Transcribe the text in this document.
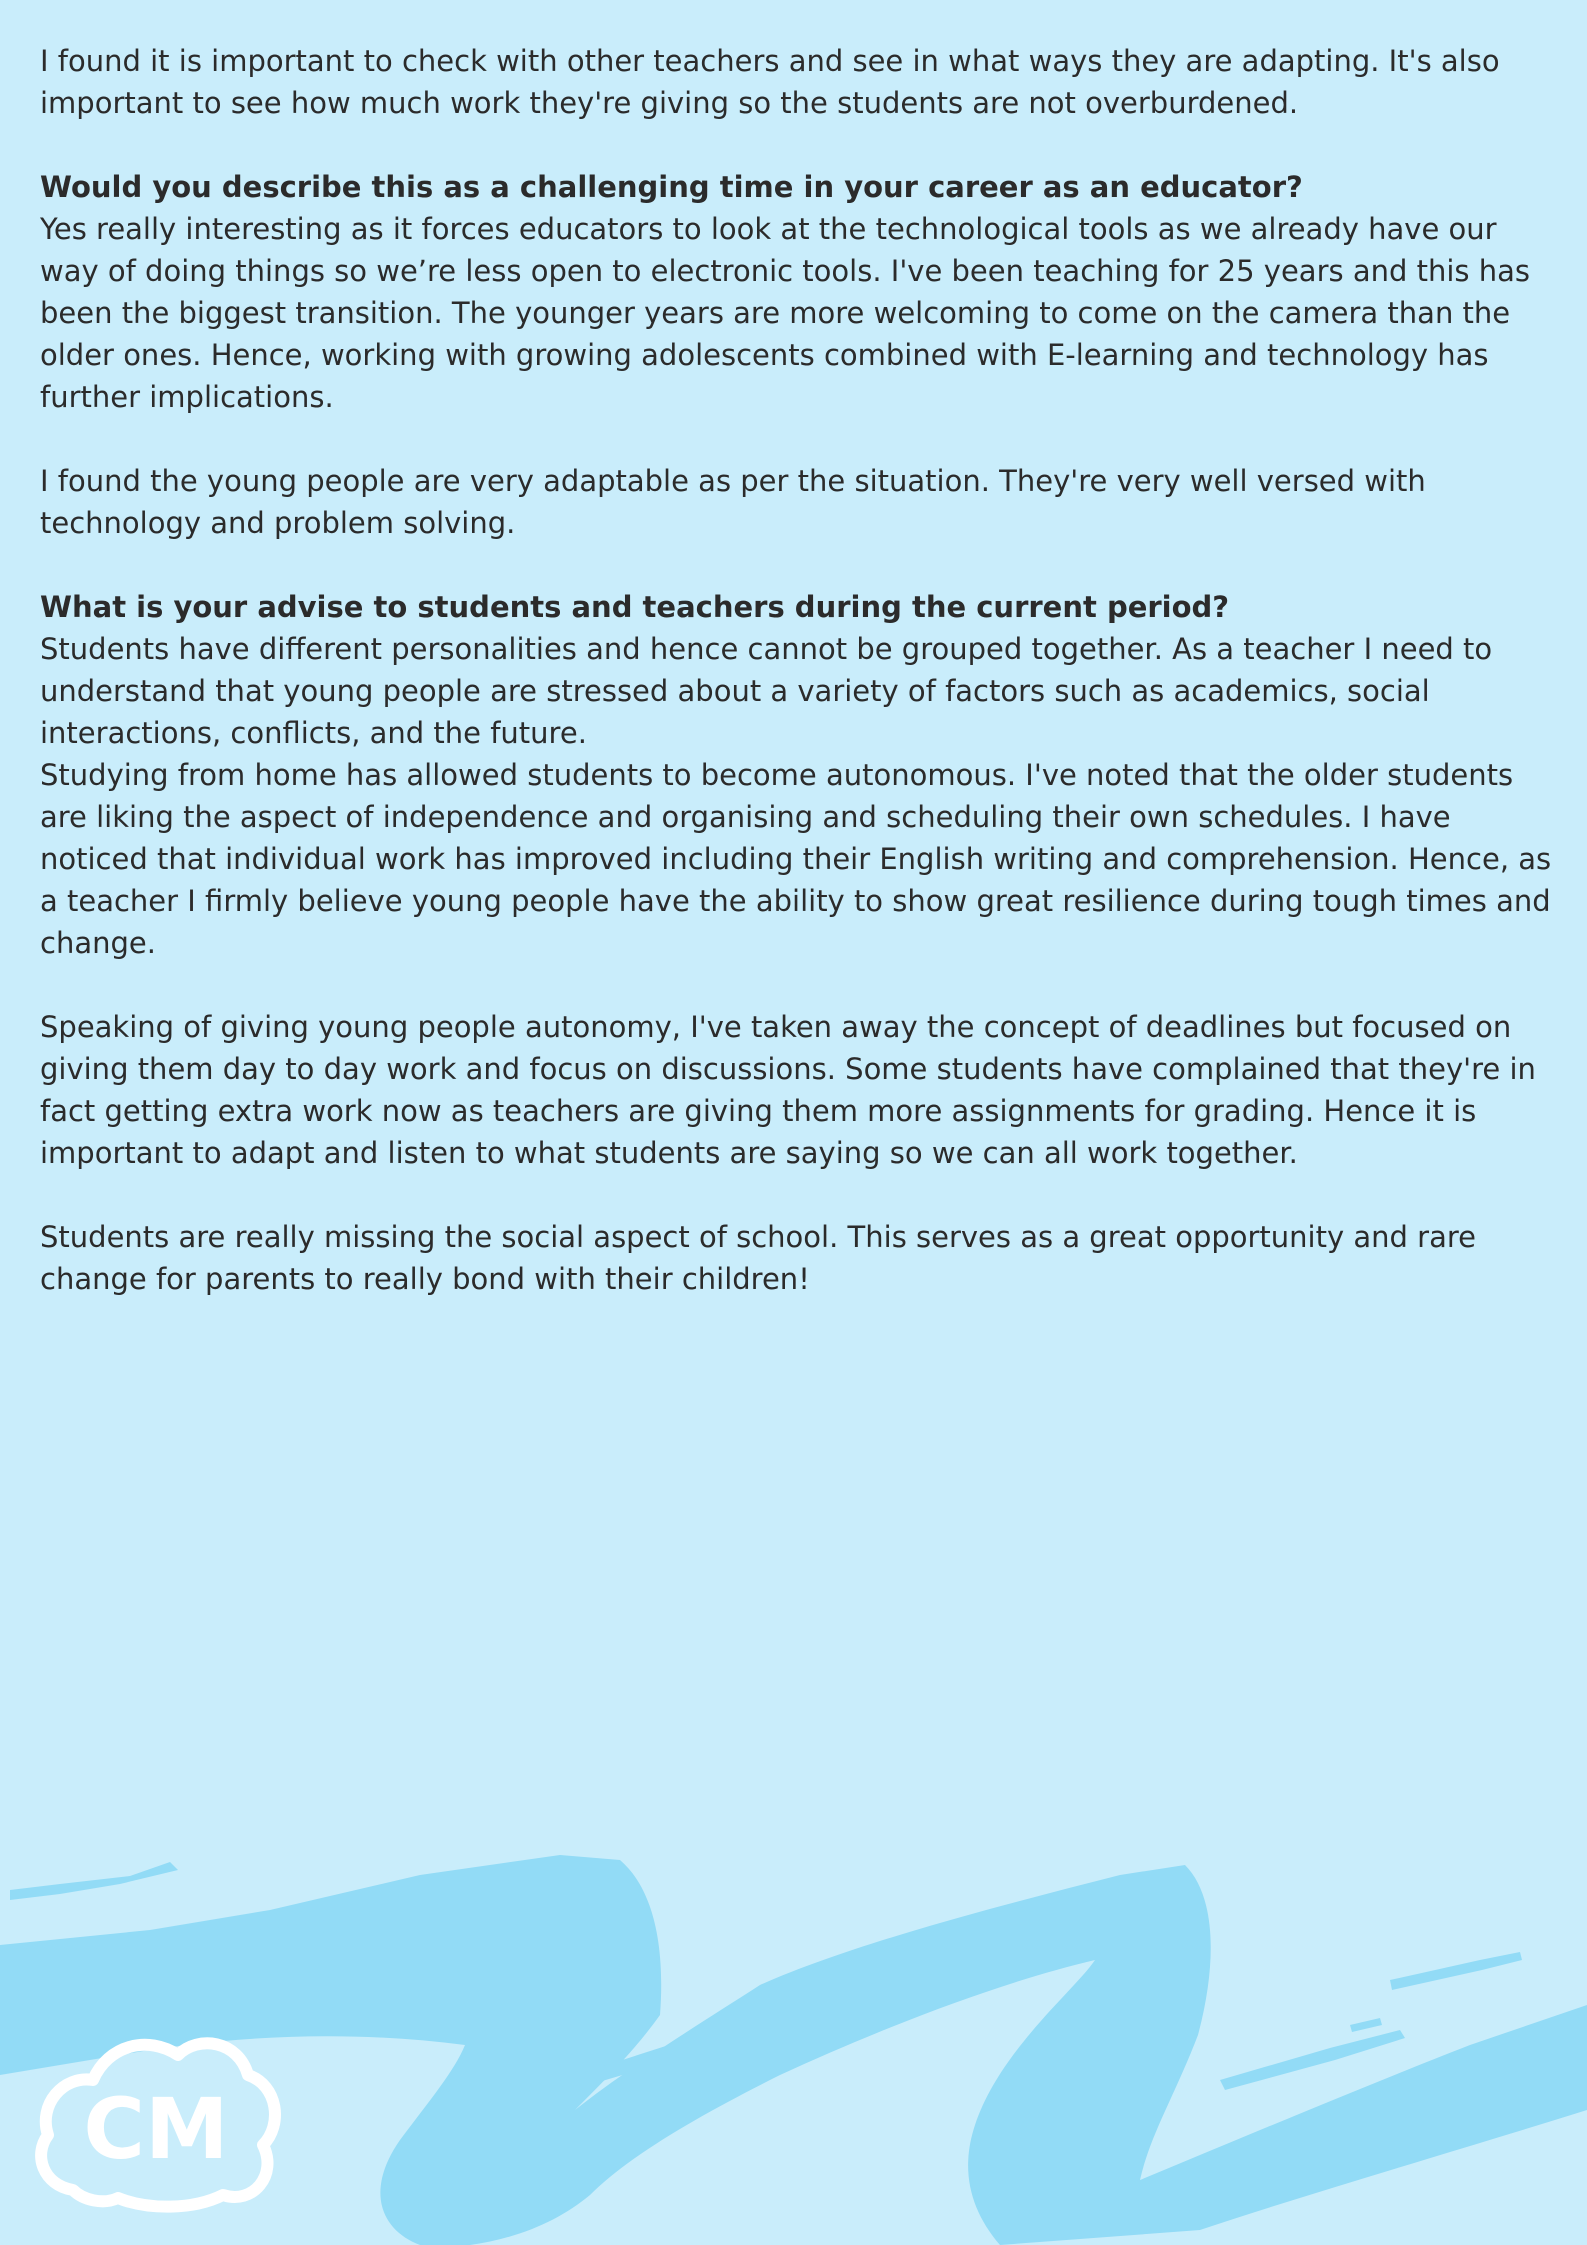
I found it is important to check with other teachers and see in what ways they are adapting. It's also important to see how much work they're giving so the students are not overburdened.

Would you describe this as a challenging time in your career as an educator?

Yes really interesting as it forces educators to look at the technological tools as we already have our way of doing things so we’re less open to electronic tools. I've been teaching for 25 years and this has been the biggest transition. The younger years are more welcoming to come on the camera than the older ones. Hence, working with growing adolescents combined with E-learning and technology has further implications.

I found the young people are very adaptable as per the situation. They're very well versed with technology and problem solving.

What is your advise to students and teachers during the current period?

Students have different personalities and hence cannot be grouped together. As a teacher I need to understand that young people are stressed about a variety of factors such as academics, social interactions, conflicts, and the future.

Studying from home has allowed students to become autonomous. I've noted that the older students are liking the aspect of independence and organising and scheduling their own schedules. I have noticed that individual work has improved including their English writing and comprehension. Hence, as a teacher I firmly believe young people have the ability to show great resilience during tough times and change.

Speaking of giving young people autonomy, I've taken away the concept of deadlines but focused on giving them day to day work and focus on discussions. Some students have complained that they're in fact getting extra work now as teachers are giving them more assignments for grading. Hence it is important to adapt and listen to what students are saying so we can all work together.

Students are really missing the social aspect of school. This serves as a great opportunity and rare change for parents to really bond with their children!

CM
